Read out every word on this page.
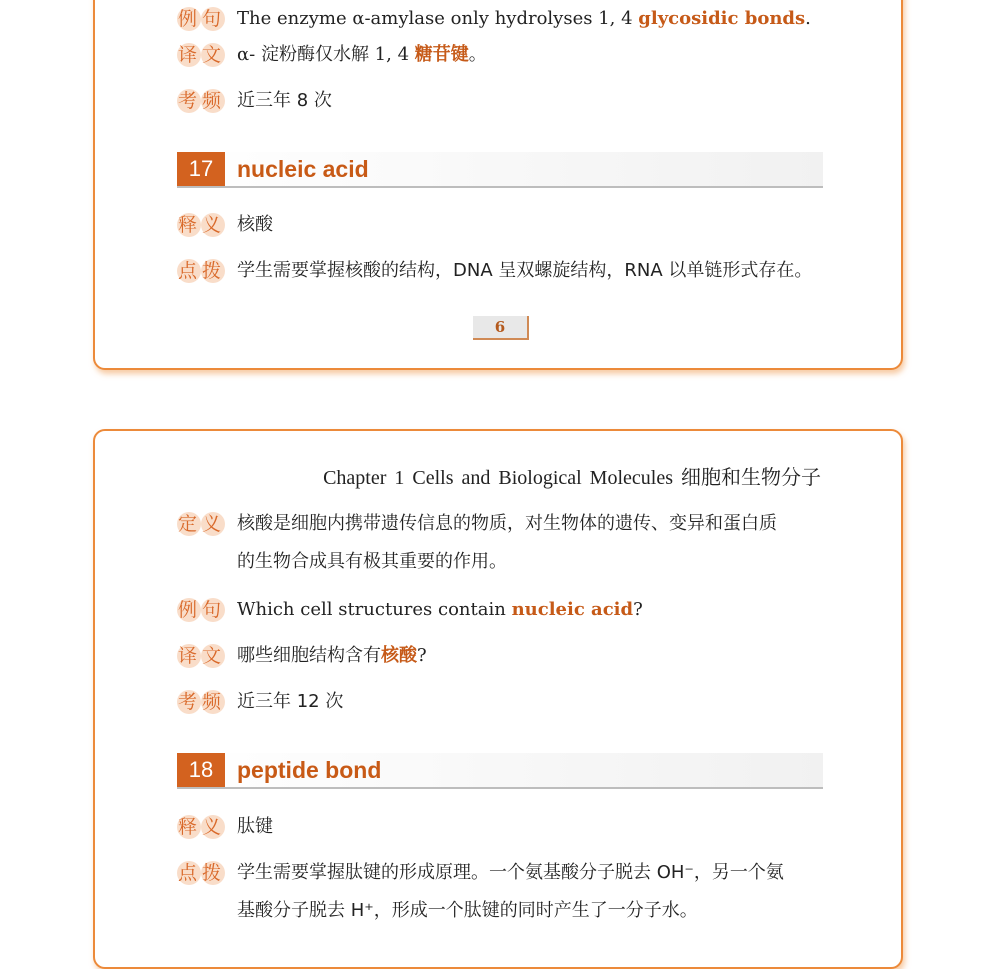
例句 The enzyme α-amylase only hydrolyses 1, 4 glycosidic bonds.
译文 α- 淀粉酶仅水解 1, 4 糖苷键。
考频 近三年 8 次
17	nucleic acid
释义 核酸
点拨 学生需要掌握核酸的结构，DNA 呈双螺旋结构，RNA 以单链形式存在。
6
Chapter 1 Cells and Biological Molecules 细胞和生物分子
定义 核酸是细胞内携带遗传信息的物质，对生物体的遗传、变异和蛋白质
的生物合成具有极其重要的作用。
例句 Which cell structures contain nucleic acid?
译文 哪些细胞结构含有核酸?
考频 近三年 12 次
18	peptide bond
释义 肽键
点拨 学生需要掌握肽键的形成原理。一个氨基酸分子脱去 OH⁻，另一个氨
基酸分子脱去 H⁺，形成一个肽键的同时产生了一分子水。
